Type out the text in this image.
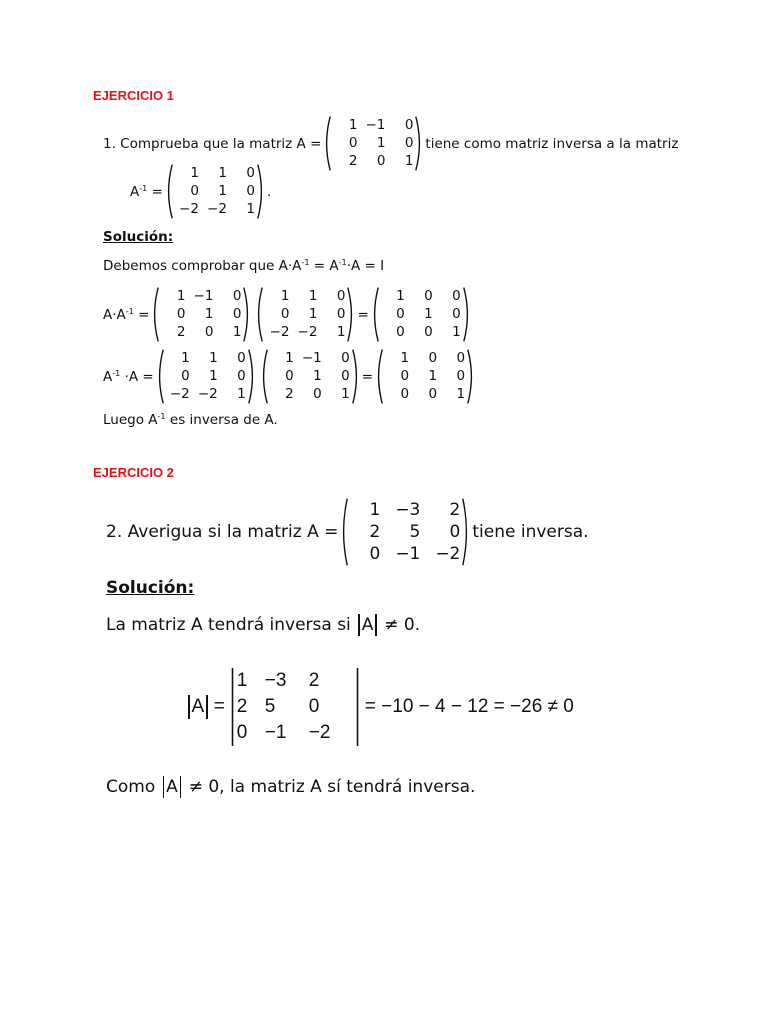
EJERCICIO 1
1. Comprueba que la matriz A =
1 −1	0
0	1	0
2	0	1
tiene como matriz inversa a la matriz
$A^{-1}$ =
1	1	0
0	1	0
−2 −2	1
.
Solución:
Debemos comprobar que $A\cdot A^{-1} = A^{-1}\cdot A = I$
$A\cdot A^{-1}$ =
1 −1	0
0	1	0
2	0	1
1	1	0
0	1	0
−2 −2	1
=
1	0	0
0	1	0
0	0	1
$A^{-1} \cdot A$ =
1	1	0
0	1	0
−2 −2	1
1 −1	0
0	1	0
2	0	1
=
1	0	0
0	1	0
0	0	1
Luego $A^{-1}$ es inversa de A.
EJERCICIO 2
2. Averigua si la matriz A =
1 −3	2
2	5	0
0 −1 −2
tiene inversa.
Solución:
La matriz A tendrá inversa si A ≠ 0.
A =
1 −3	2
2 5	0
0 −1	−2
= −10 − 4 − 12 = −26 ≠ 0
Como A ≠ 0, la matriz A sí tendrá inversa.
